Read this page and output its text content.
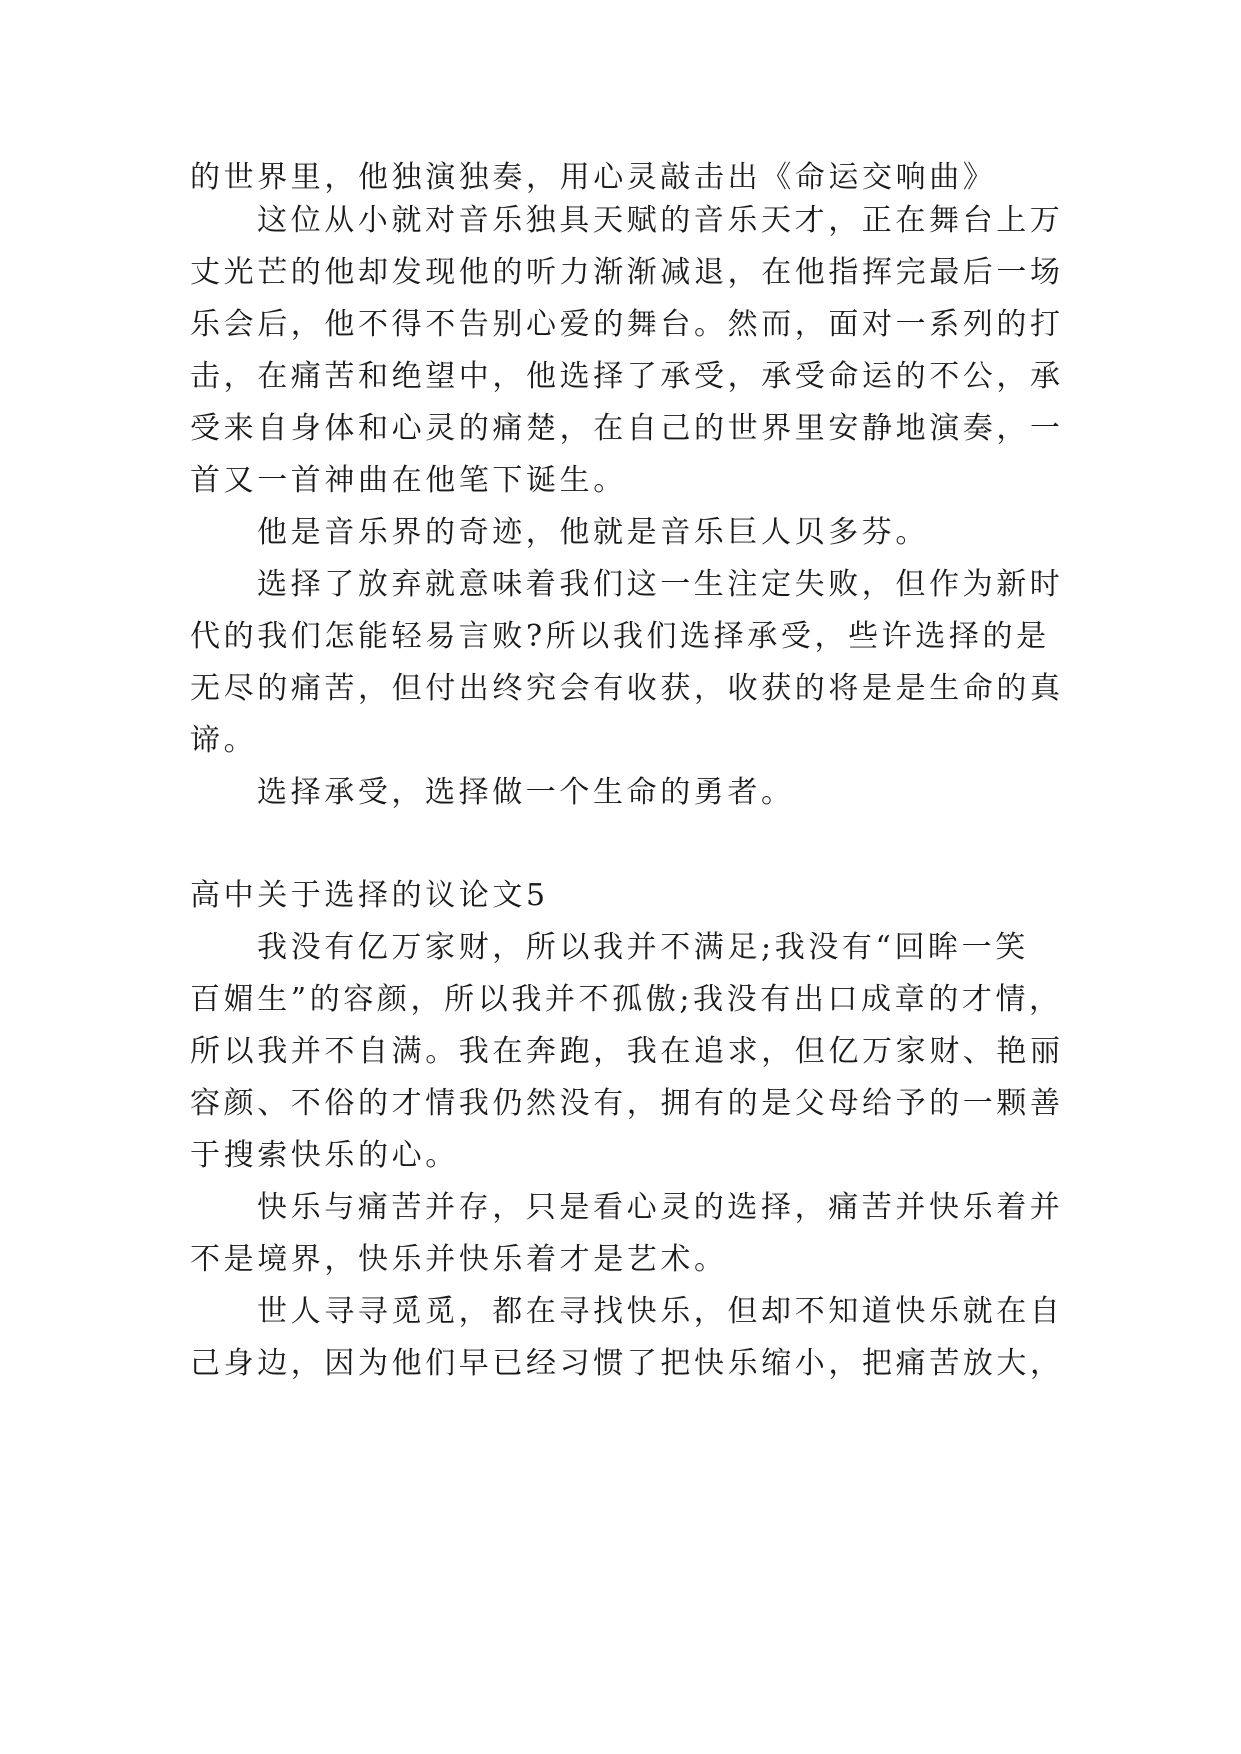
的世界里，他独演独奏，用心灵敲击出《命运交响曲》
这位从小就对音乐独具天赋的音乐天才，正在舞台上万
丈光芒的他却发现他的听力渐渐减退，在他指挥完最后一场
乐会后，他不得不告别心爱的舞台。然而，面对一系列的打
击，在痛苦和绝望中，他选择了承受，承受命运的不公，承
受来自身体和心灵的痛楚，在自己的世界里安静地演奏，一
首又一首神曲在他笔下诞生。
他是音乐界的奇迹，他就是音乐巨人贝多芬。
选择了放弃就意味着我们这一生注定失败，但作为新时
代的我们怎能轻易言败?所以我们选择承受，些许选择的是
无尽的痛苦，但付出终究会有收获，收获的将是是生命的真
谛。
选择承受，选择做一个生命的勇者。
高中关于选择的议论文5
我没有亿万家财，所以我并不满足;我没有“回眸一笑
百媚生”的容颜，所以我并不孤傲;我没有出口成章的才情，
所以我并不自满。我在奔跑，我在追求，但亿万家财、艳丽
容颜、不俗的才情我仍然没有，拥有的是父母给予的一颗善
于搜索快乐的心。
快乐与痛苦并存，只是看心灵的选择，痛苦并快乐着并
不是境界，快乐并快乐着才是艺术。
世人寻寻觅觅，都在寻找快乐，但却不知道快乐就在自
己身边，因为他们早已经习惯了把快乐缩小，把痛苦放大，
